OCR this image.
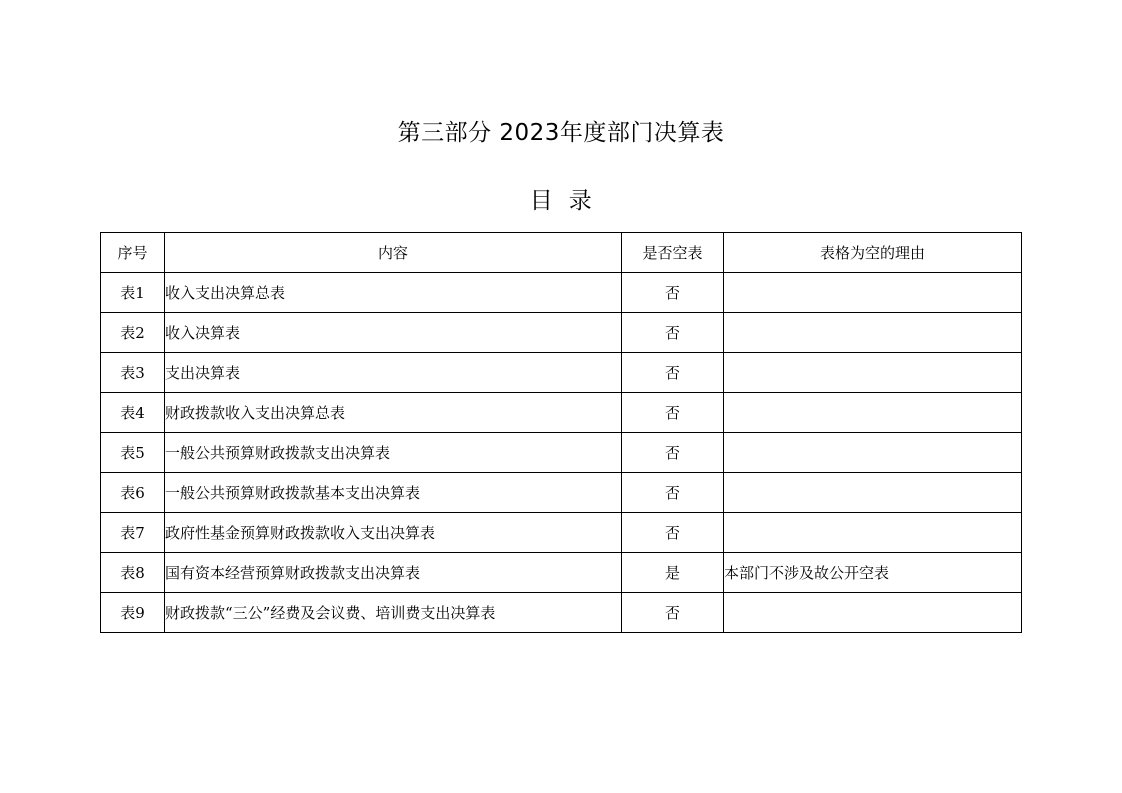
第三部分 2023年度部门决算表
目  录
序号	内容	是否空表	表格为空的理由
表1	收入支出决算总表	否	
表2	收入决算表	否	
表3	支出决算表	否	
表4	财政拨款收入支出决算总表	否	
表5	一般公共预算财政拨款支出决算表	否	
表6	一般公共预算财政拨款基本支出决算表	否	
表7	政府性基金预算财政拨款收入支出决算表	否	
表8	国有资本经营预算财政拨款支出决算表	是	本部门不涉及故公开空表
表9	财政拨款“三公”经费及会议费、培训费支出决算表	否	
